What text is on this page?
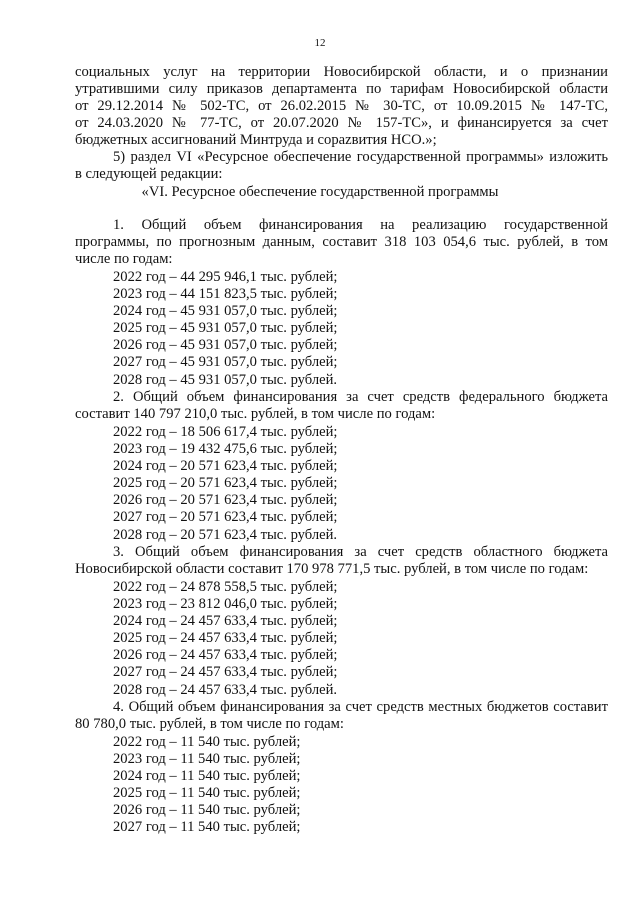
12
социальных услуг на территории Новосибирской области, и о признании
утратившими силу приказов департамента по тарифам Новосибирской области
от 29.12.2014 № 502-ТС, от 26.02.2015 № 30-ТС, от 10.09.2015 № 147-ТС,
от 24.03.2020 № 77-ТС, от 20.07.2020 № 157-ТС», и финансируется за счет
бюджетных ассигнований Минтруда и сорazвития НСО.»;
5) раздел VI «Ресурсное обеспечение государственной программы» изложить
в следующей редакции:
«VI. Ресурсное обеспечение государственной программы
1. Общий объем финансирования на реализацию государственной
программы, по прогнозным данным, составит 318 103 054,6 тыс. рублей, в том
числе по годам:
2022 год – 44 295 946,1 тыс. рублей;
2023 год – 44 151 823,5 тыс. рублей;
2024 год – 45 931 057,0 тыс. рублей;
2025 год – 45 931 057,0 тыс. рублей;
2026 год – 45 931 057,0 тыс. рублей;
2027 год – 45 931 057,0 тыс. рублей;
2028 год – 45 931 057,0 тыс. рублей.
2. Общий объем финансирования за счет средств федерального бюджета
составит 140 797 210,0 тыс. рублей, в том числе по годам:
2022 год – 18 506 617,4 тыс. рублей;
2023 год – 19 432 475,6 тыс. рублей;
2024 год – 20 571 623,4 тыс. рублей;
2025 год – 20 571 623,4 тыс. рублей;
2026 год – 20 571 623,4 тыс. рублей;
2027 год – 20 571 623,4 тыс. рублей;
2028 год – 20 571 623,4 тыс. рублей.
3. Общий объем финансирования за счет средств областного бюджета
Новосибирской области составит 170 978 771,5 тыс. рублей, в том числе по годам:
2022 год – 24 878 558,5 тыс. рублей;
2023 год – 23 812 046,0 тыс. рублей;
2024 год – 24 457 633,4 тыс. рублей;
2025 год – 24 457 633,4 тыс. рублей;
2026 год – 24 457 633,4 тыс. рублей;
2027 год – 24 457 633,4 тыс. рублей;
2028 год – 24 457 633,4 тыс. рублей.
4. Общий объем финансирования за счет средств местных бюджетов составит
80 780,0 тыс. рублей, в том числе по годам:
2022 год – 11 540 тыс. рублей;
2023 год – 11 540 тыс. рублей;
2024 год – 11 540 тыс. рублей;
2025 год – 11 540 тыс. рублей;
2026 год – 11 540 тыс. рублей;
2027 год – 11 540 тыс. рублей;
